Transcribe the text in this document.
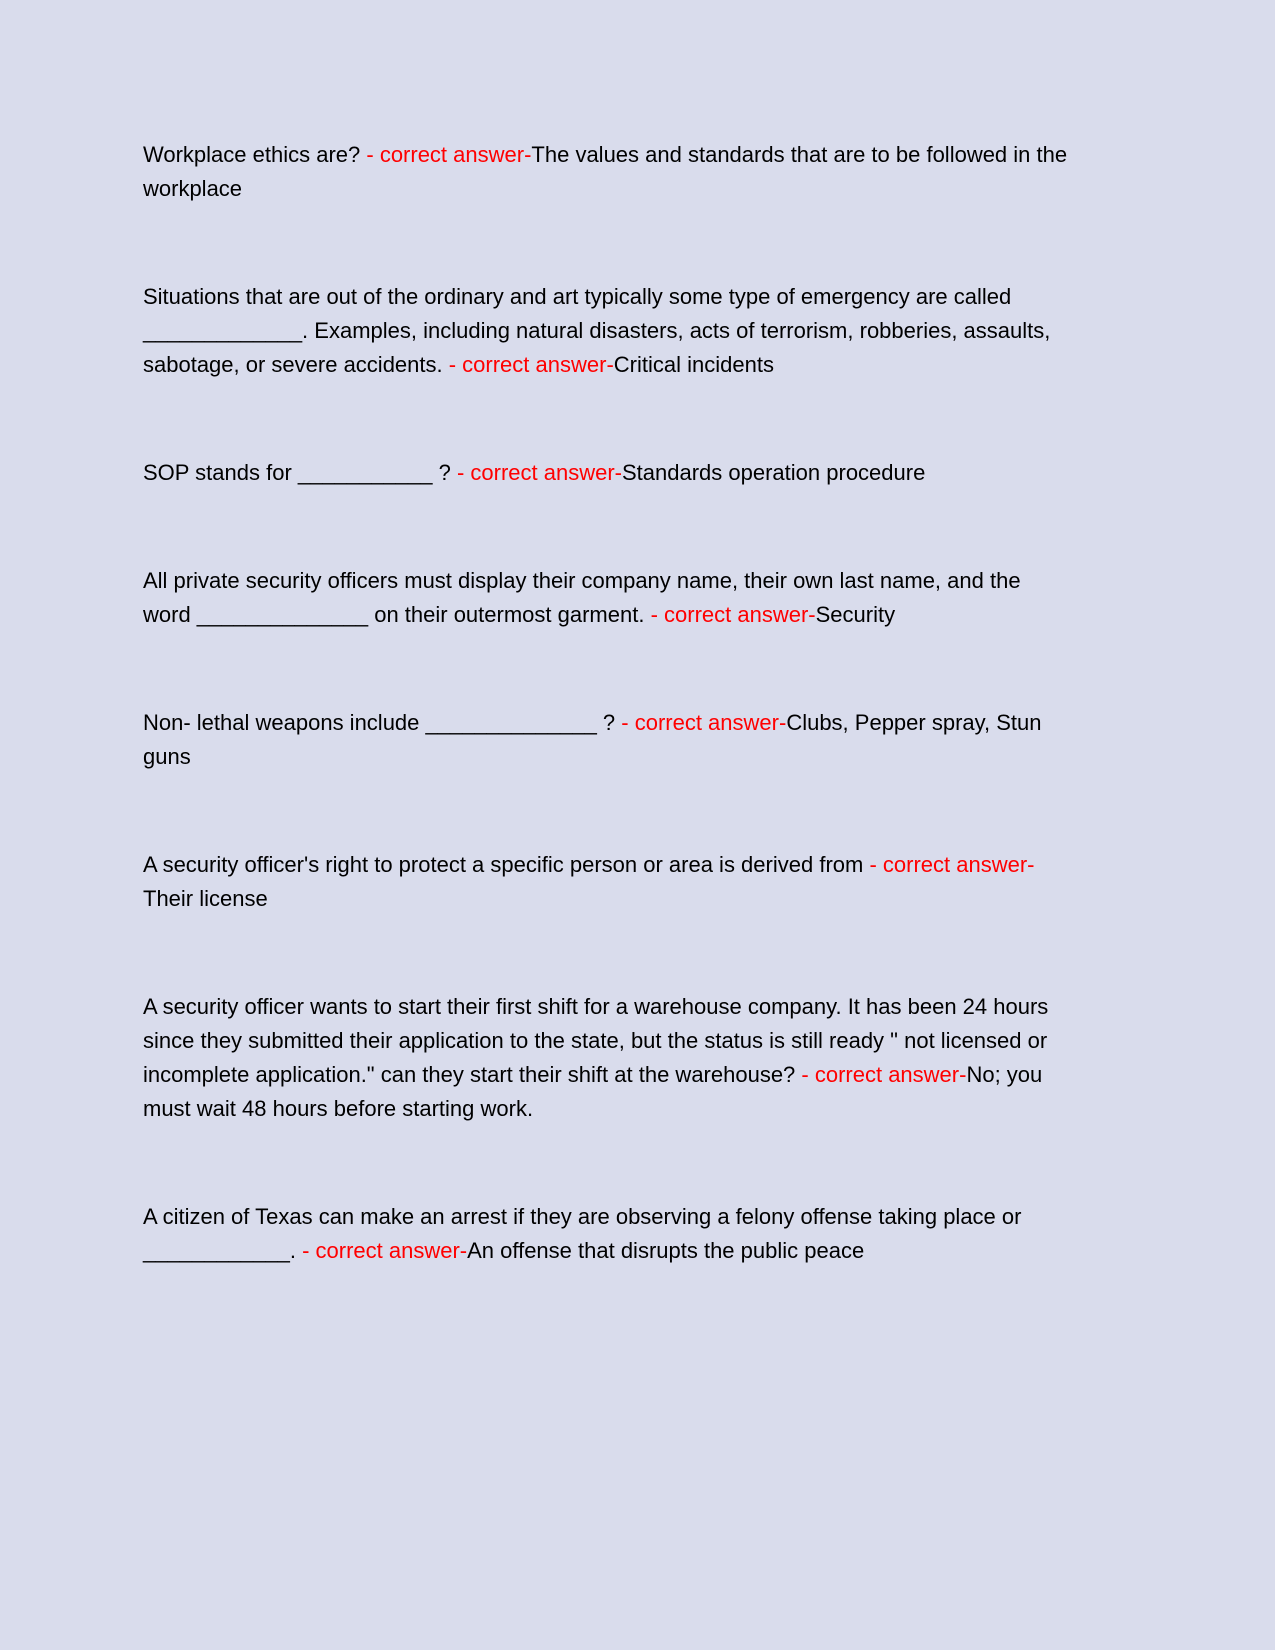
Workplace ethics are? - correct answer-The values and standards that are to be followed in the workplace

Situations that are out of the ordinary and art typically some type of emergency are called _____________. Examples, including natural disasters, acts of terrorism, robberies, assaults, sabotage, or severe accidents. - correct answer-Critical incidents

SOP stands for ___________ ? - correct answer-Standards operation procedure

All private security officers must display their company name, their own last name, and the word ______________ on their outermost garment. - correct answer-Security

Non- lethal weapons include ______________ ? - correct answer-Clubs, Pepper spray, Stun guns

A security officer's right to protect a specific person or area is derived from - correct answer-Their license

A security officer wants to start their first shift for a warehouse company. It has been 24 hours since they submitted their application to the state, but the status is still ready " not licensed or incomplete application." can they start their shift at the warehouse? - correct answer-No; you must wait 48 hours before starting work.

A citizen of Texas can make an arrest if they are observing a felony offense taking place or ____________. - correct answer-An offense that disrupts the public peace
